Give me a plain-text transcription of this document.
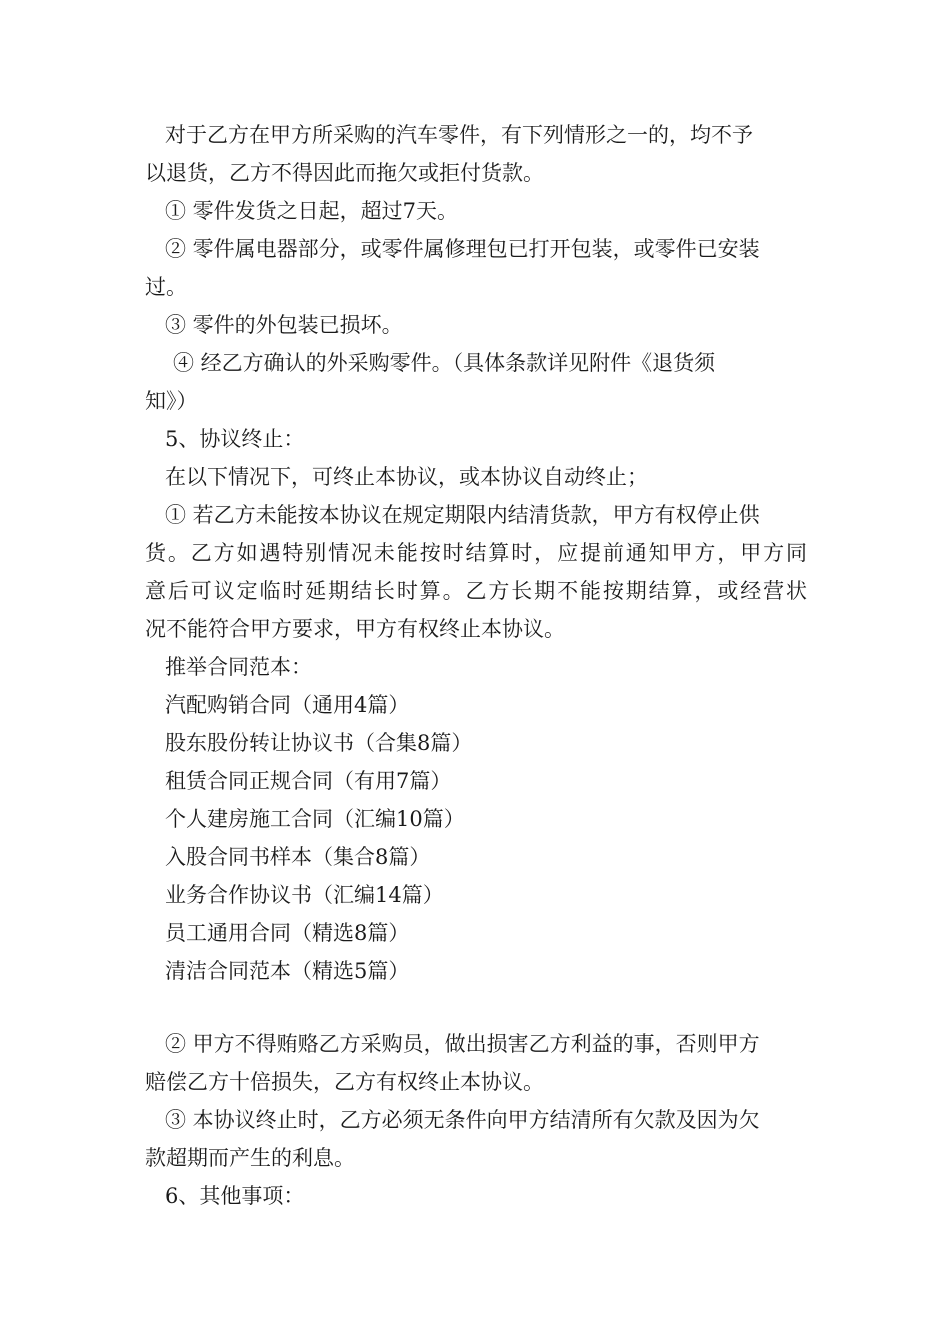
对于乙方在甲方所采购的汽车零件，有下列情形之一的，均不予
以退货，乙方不得因此而拖欠或拒付货款。
① 零件发货之日起，超过7天。
② 零件属电器部分，或零件属修理包已打开包装，或零件已安装
过。
③ 零件的外包装已损坏。
④ 经乙方确认的外采购零件。（具体条款详见附件《退货须
知》）
5、协议终止：
在以下情况下，可终止本协议，或本协议自动终止；
① 若乙方未能按本协议在规定期限内结清货款，甲方有权停止供
货。乙方如遇特别情况未能按时结算时，应提前通知甲方，甲方同
意后可议定临时延期结长时算。乙方长期不能按期结算，或经营状
况不能符合甲方要求，甲方有权终止本协议。
推举合同范本：
汽配购销合同（通用4篇）
股东股份转让协议书（合集8篇）
租赁合同正规合同（有用7篇）
个人建房施工合同（汇编10篇）
入股合同书样本（集合8篇）
业务合作协议书（汇编14篇）
员工通用合同（精选8篇）
清洁合同范本（精选5篇）
② 甲方不得贿赂乙方采购员，做出损害乙方利益的事，否则甲方
赔偿乙方十倍损失，乙方有权终止本协议。
③ 本协议终止时，乙方必须无条件向甲方结清所有欠款及因为欠
款超期而产生的利息。
6、其他事项：
